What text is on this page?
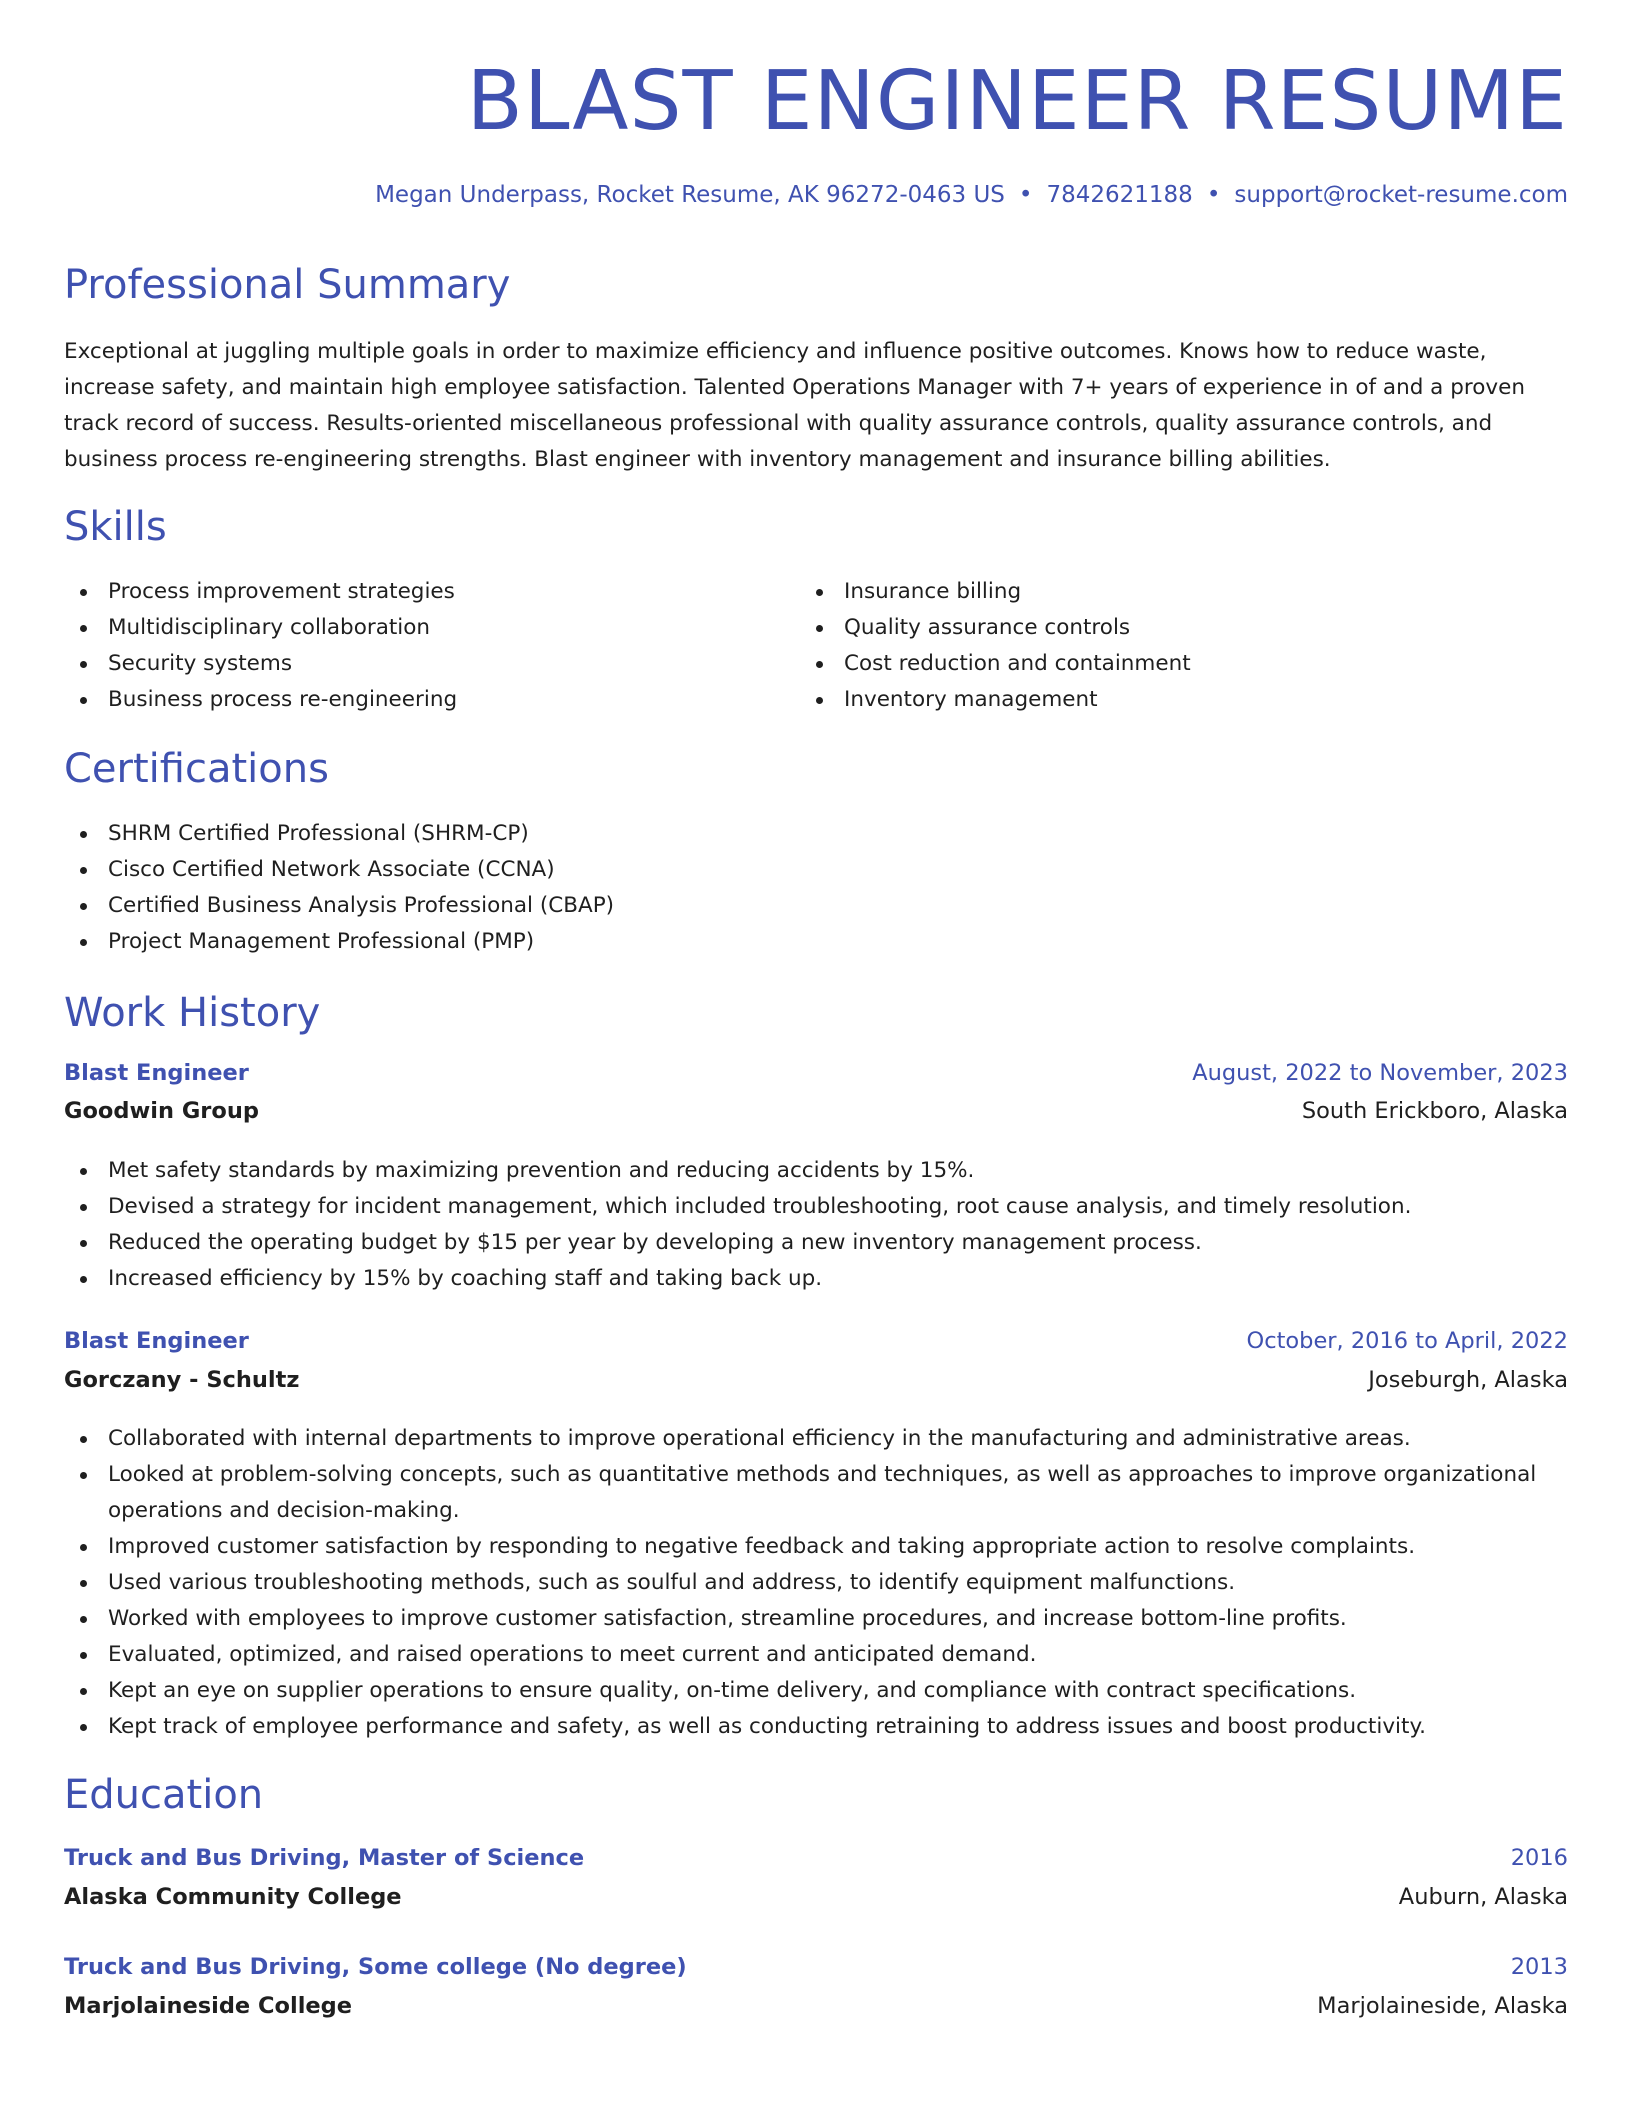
BLAST ENGINEER RESUME
Megan Underpass, Rocket Resume, AK 96272-0463 US • 7842621188 • support@rocket-resume.com
Professional Summary

Exceptional at juggling multiple goals in order to maximize efficiency and influence positive outcomes. Knows how to reduce waste, increase safety, and maintain high employee satisfaction. Talented Operations Manager with 7+ years of experience in of and a proven track record of success. Results-oriented miscellaneous professional with quality assurance controls, quality assurance controls, and business process re-engineering strengths. Blast engineer with inventory management and insurance billing abilities.

Skills
Process improvement strategies
Multidisciplinary collaboration
Security systems
Business process re-engineering
Insurance billing
Quality assurance controls
Cost reduction and containment
Inventory management
Certifications
SHRM Certified Professional (SHRM-CP)
Cisco Certified Network Associate (CCNA)
Certified Business Analysis Professional (CBAP)
Project Management Professional (PMP)
Work History
Blast Engineer	August, 2022 to November, 2023
Goodwin Group	South Erickboro, Alaska
Met safety standards by maximizing prevention and reducing accidents by 15%.
Devised a strategy for incident management, which included troubleshooting, root cause analysis, and timely resolution.
Reduced the operating budget by $15 per year by developing a new inventory management process.
Increased efficiency by 15% by coaching staff and taking back up.
Blast Engineer	October, 2016 to April, 2022
Gorczany - Schultz	Joseburgh, Alaska
Collaborated with internal departments to improve operational efficiency in the manufacturing and administrative areas.
Looked at problem-solving concepts, such as quantitative methods and techniques, as well as approaches to improve organizational operations and decision-making.
Improved customer satisfaction by responding to negative feedback and taking appropriate action to resolve complaints.
Used various troubleshooting methods, such as soulful and address, to identify equipment malfunctions.
Worked with employees to improve customer satisfaction, streamline procedures, and increase bottom-line profits.
Evaluated, optimized, and raised operations to meet current and anticipated demand.
Kept an eye on supplier operations to ensure quality, on-time delivery, and compliance with contract specifications.
Kept track of employee performance and safety, as well as conducting retraining to address issues and boost productivity.
Education
Truck and Bus Driving, Master of Science	2016
Alaska Community College	Auburn, Alaska
Truck and Bus Driving, Some college (No degree)	2013
Marjolaineside College	Marjolaineside, Alaska
